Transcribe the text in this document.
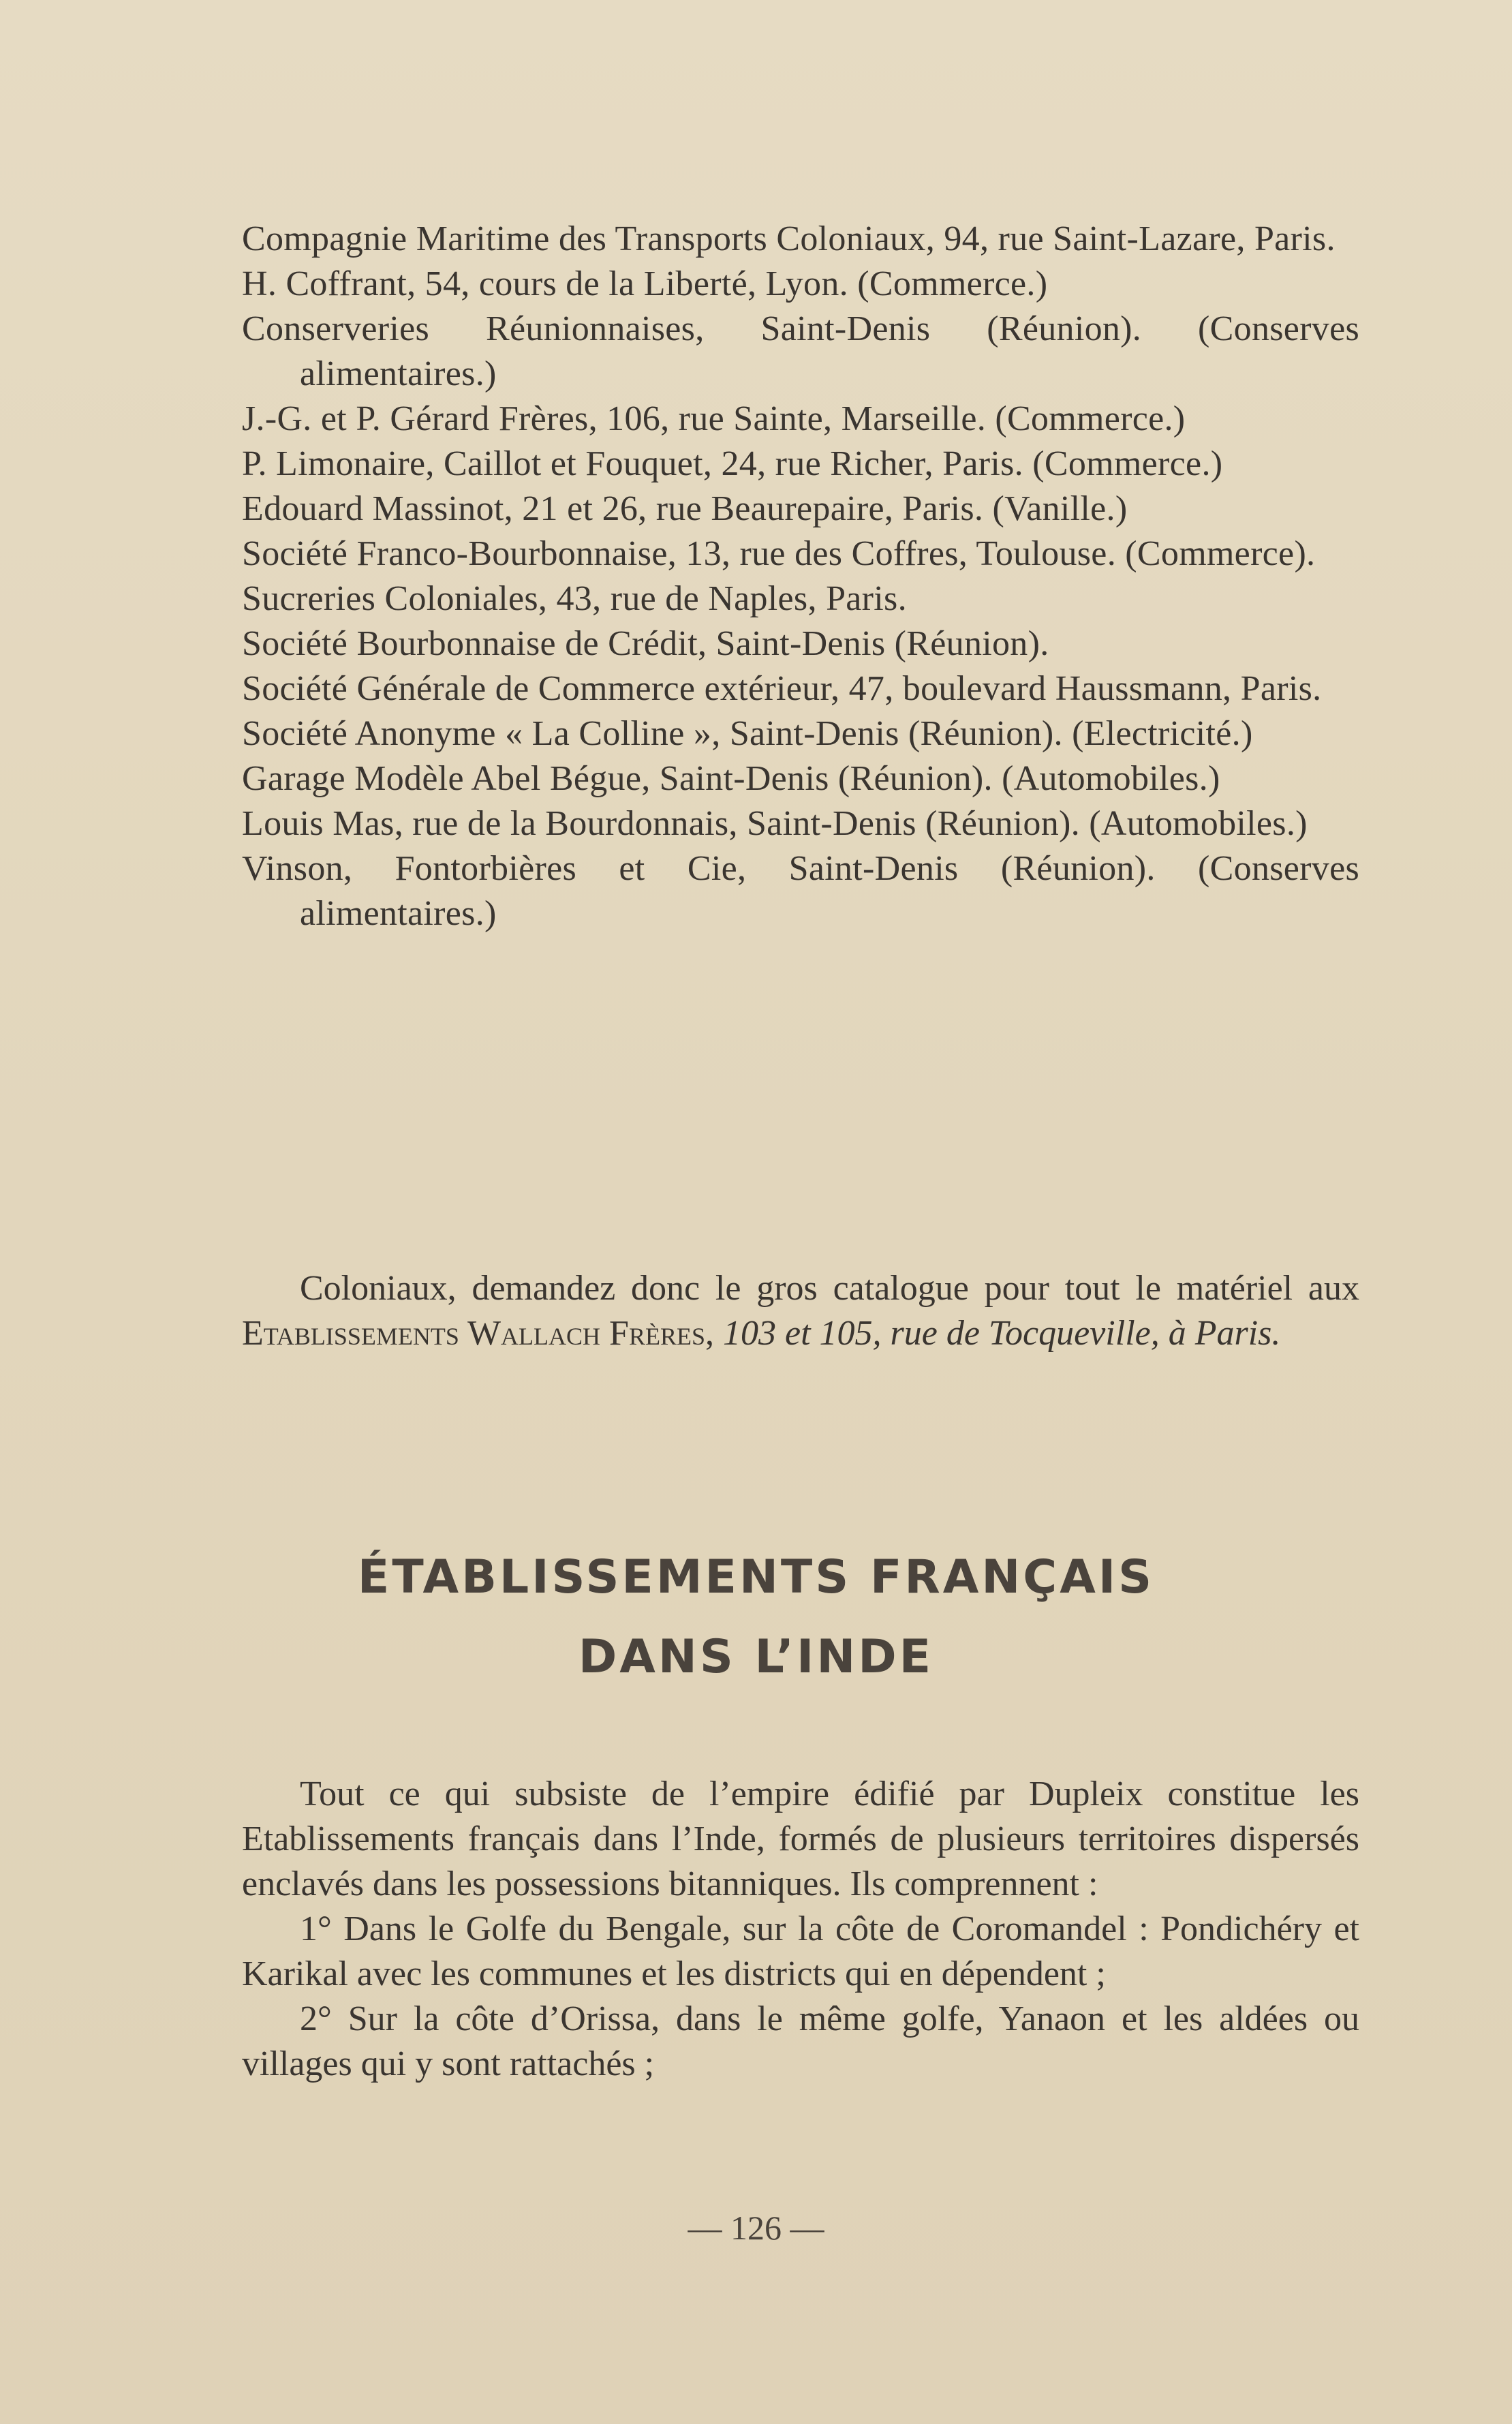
Compagnie Maritime des Transports Coloniaux, 94, rue Saint-Lazare, Paris.
H. Coffrant, 54, cours de la Liberté, Lyon. (Commerce.)
Conserveries Réunionnaises, Saint-Denis (Réunion). (Conserves alimentaires.)
J.-G. et P. Gérard Frères, 106, rue Sainte, Marseille. (Commerce.)
P. Limonaire, Caillot et Fouquet, 24, rue Richer, Paris. (Commerce.)
Edouard Massinot, 21 et 26, rue Beaurepaire, Paris. (Vanille.)
Société Franco-Bourbonnaise, 13, rue des Coffres, Toulouse. (Commerce).
Sucreries Coloniales, 43, rue de Naples, Paris.
Société Bourbonnaise de Crédit, Saint-Denis (Réunion).
Société Générale de Commerce extérieur, 47, boulevard Haussmann, Paris.
Société Anonyme « La Colline », Saint-Denis (Réunion). (Electricité.)
Garage Modèle Abel Bégue, Saint-Denis (Réunion). (Automobiles.)
Louis Mas, rue de la Bourdonnais, Saint-Denis (Réunion). (Automobiles.)
Vinson, Fontorbières et Cie, Saint-Denis (Réunion). (Conserves alimentaires.)
Coloniaux, demandez donc le gros catalogue pour tout le matériel aux Etablissements Wallach Frères, 103 et 105, rue de Tocqueville, à Paris.
ÉTABLISSEMENTS FRANÇAIS
DANS L’INDE

Tout ce qui subsiste de l’empire édifié par Dupleix constitue les Etablissements français dans l’Inde, formés de plusieurs territoires dispersés enclavés dans les possessions bitanniques. Ils comprennent :

1° Dans le Golfe du Bengale, sur la côte de Coromandel : Pondichéry et Karikal avec les communes et les districts qui en dépendent ;

2° Sur la côte d’Orissa, dans le même golfe, Yanaon et les aldées ou villages qui y sont rattachés ;

— 126 —
